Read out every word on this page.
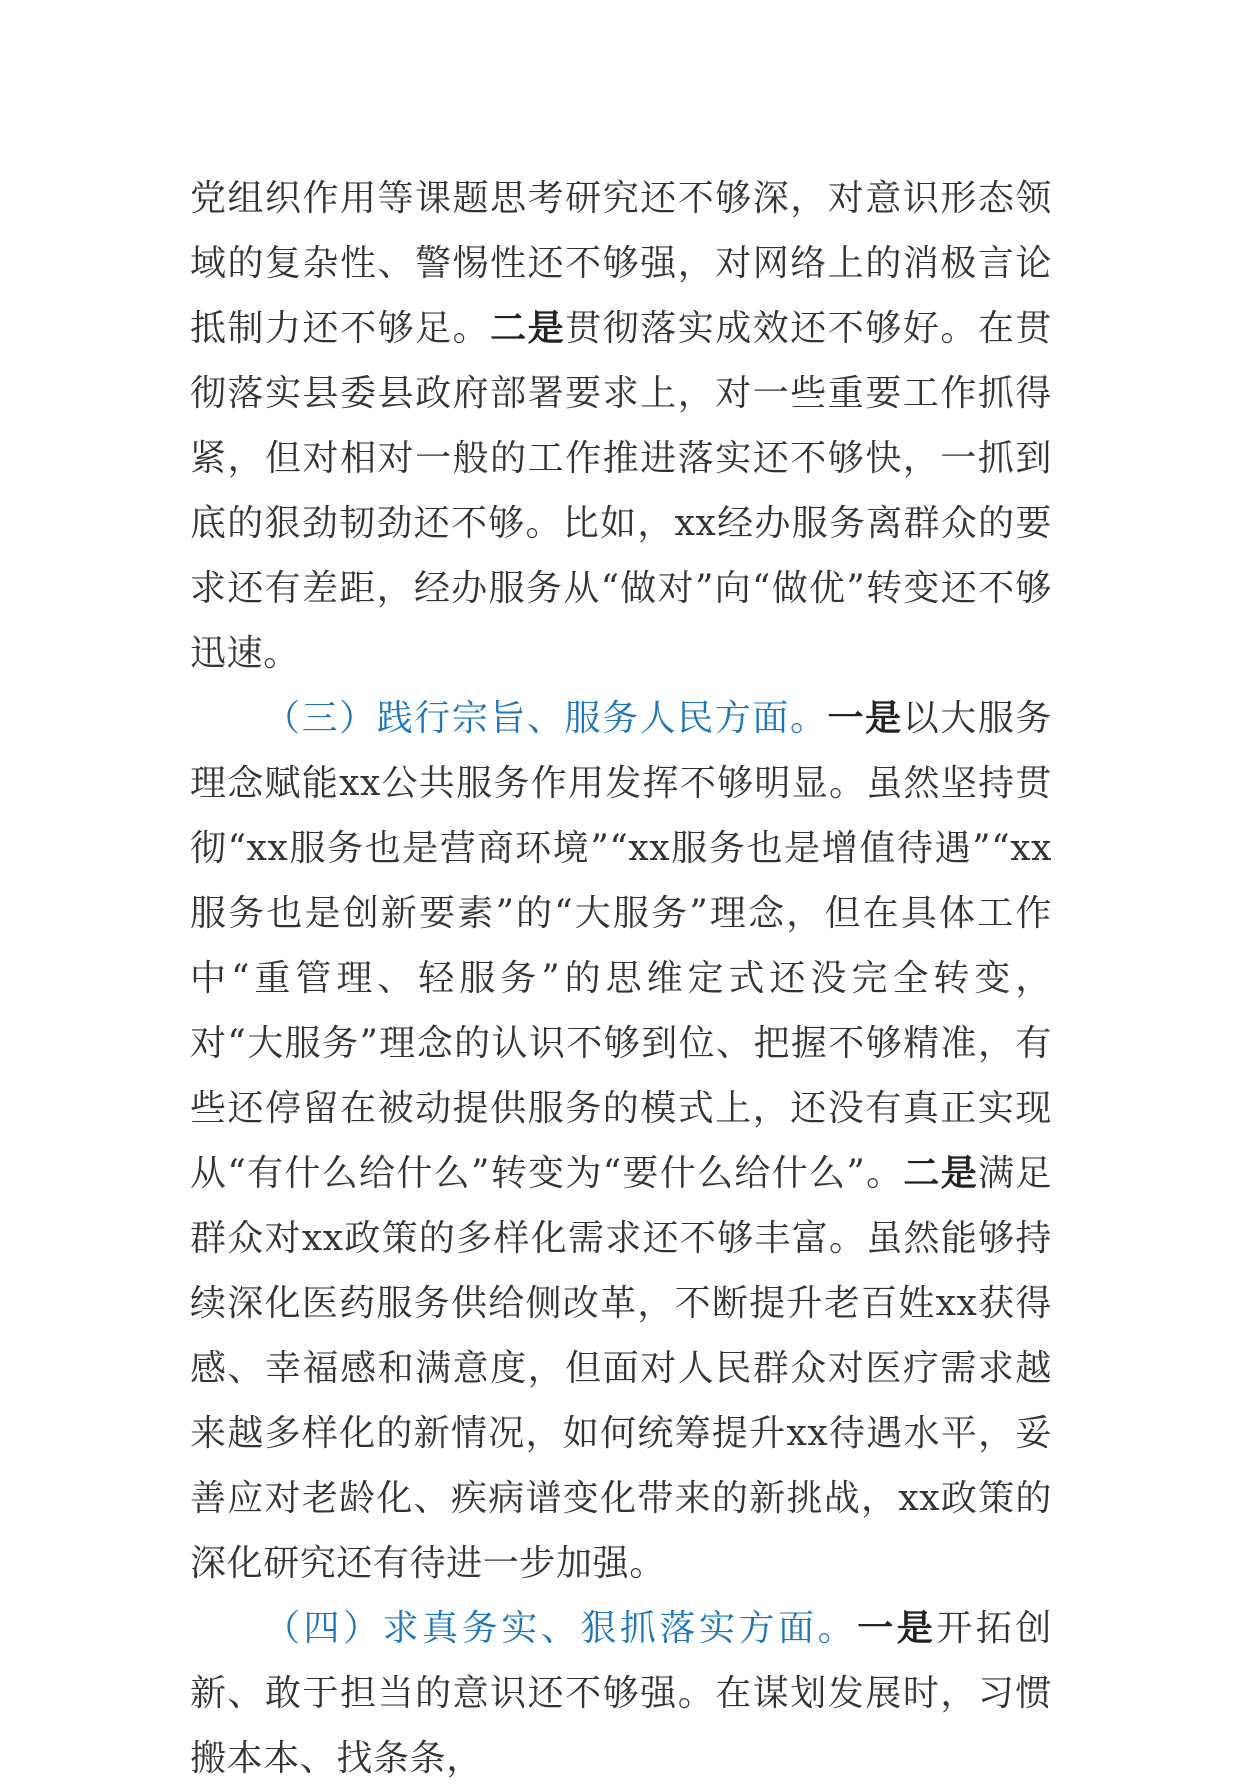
党组织作用等课题思考研究还不够深，对意识形态领域的复杂性、警惕性还不够强，对网络上的消极言论抵制力还不够足。二是贯彻落实成效还不够好。在贯彻落实县委县政府部署要求上，对一些重要工作抓得紧，但对相对一般的工作推进落实还不够快，一抓到底的狠劲韧劲还不够。比如，xx经办服务离群众的要求还有差距，经办服务从“做对”向“做优”转变还不够迅速。

（三）践行宗旨、服务人民方面。一是以大服务理念赋能xx公共服务作用发挥不够明显。虽然坚持贯彻“xx服务也是营商环境”“xx服务也是增值待遇”“xx服务也是创新要素”的“大服务”理念，但在具体工作中“重管理、轻服务”的思维定式还没完全转变，对“大服务”理念的认识不够到位、把握不够精准，有些还停留在被动提供服务的模式上，还没有真正实现从“有什么给什么”转变为“要什么给什么”。二是满足群众对xx政策的多样化需求还不够丰富。虽然能够持续深化医药服务供给侧改革，不断提升老百姓xx获得感、幸福感和满意度，但面对人民群众对医疗需求越来越多样化的新情况，如何统筹提升xx待遇水平，妥善应对老龄化、疾病谱变化带来的新挑战，xx政策的深化研究还有待进一步加强。

（四）求真务实、狠抓落实方面。一是开拓创新、敢于担当的意识还不够强。在谋划发展时，习惯搬本本、找条条，
